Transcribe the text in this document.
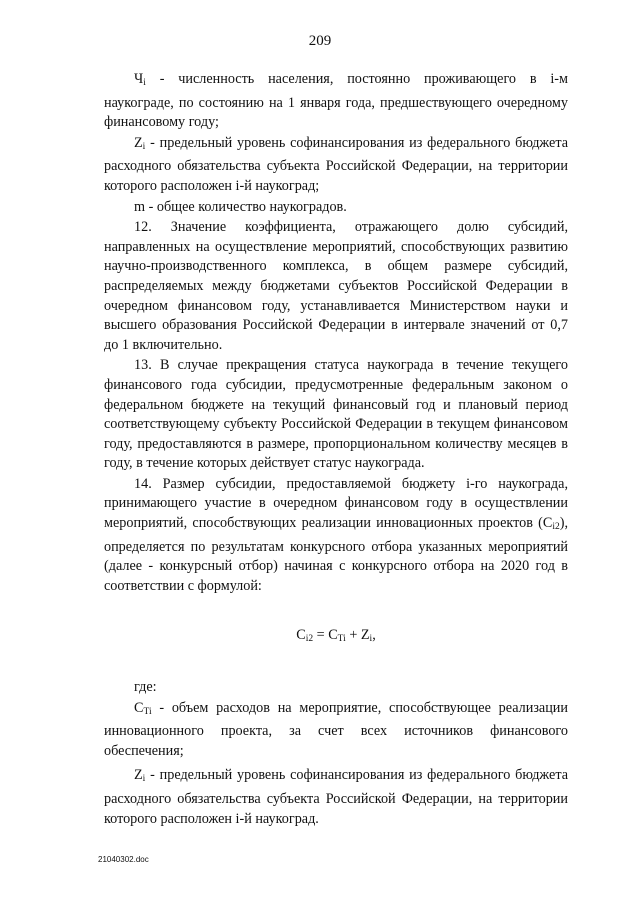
209

$Ч_i$ - численность населения, постоянно проживающего в i-м наукограде, по состоянию на 1 января года, предшествующего очередному финансовому году;

$Z_i$ - предельный уровень софинансирования из федерального бюджета расходного обязательства субъекта Российской Федерации, на территории которого расположен i-й наукоград;

m - общее количество наукоградов.

12. Значение коэффициента, отражающего долю субсидий, направленных на осуществление мероприятий, способствующих развитию научно-производственного комплекса, в общем размере субсидий, распределяемых между бюджетами субъектов Российской Федерации в очередном финансовом году, устанавливается Министерством науки и высшего образования Российской Федерации в интервале значений от 0,7 до 1 включительно.

13. В случае прекращения статуса наукограда в течение текущего финансового года субсидии, предусмотренные федеральным законом о федеральном бюджете на текущий финансовый год и плановый период соответствующему субъекту Российской Федерации в текущем финансовом году, предоставляются в размере, пропорциональном количеству месяцев в году, в течение которых действует статус наукограда.

14. Размер субсидии, предоставляемой бюджету i-го наукограда, принимающего участие в очередном финансовом году в осуществлении мероприятий, способствующих реализации инновационных проектов $(C_{i2})$, определяется по результатам конкурсного отбора указанных мероприятий (далее - конкурсный отбор) начиная с конкурсного отбора на 2020 год в соответствии с формулой:

$C_{i2} = C_{Ti} + Z_i$,

где:

$C_{Ti}$ - объем расходов на мероприятие, способствующее реализации инновационного проекта, за счет всех источников финансового обеспечения;

$Z_i$ - предельный уровень софинансирования из федерального бюджета расходного обязательства субъекта Российской Федерации, на территории которого расположен i-й наукоград.

21040302.doc
